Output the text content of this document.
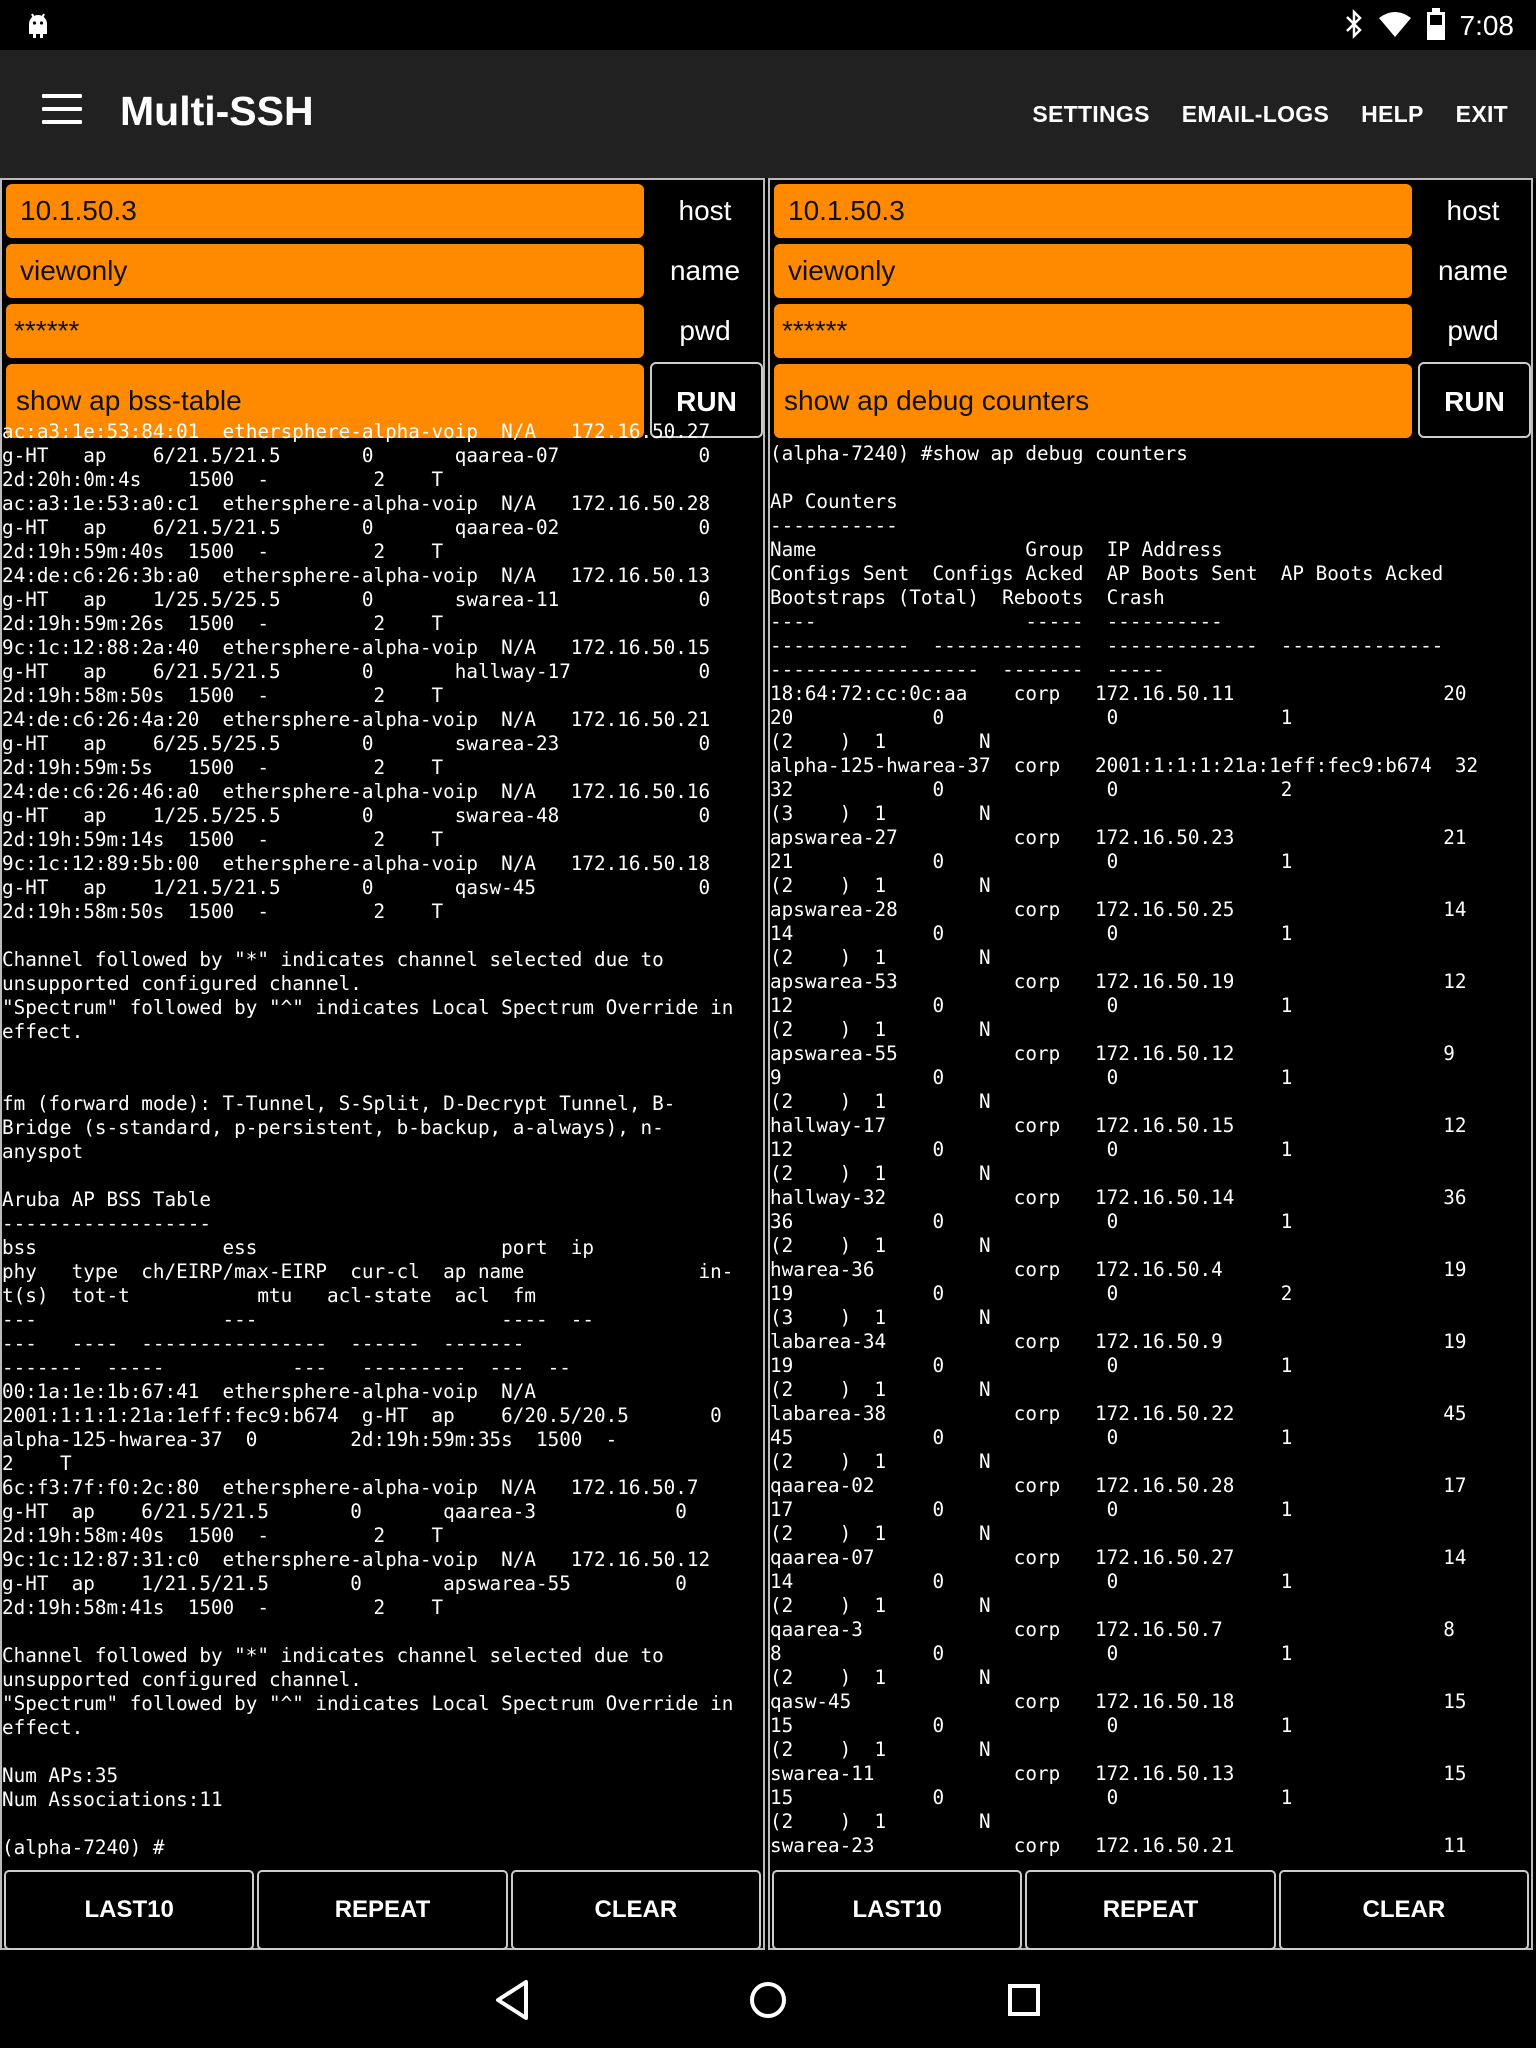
7:08
Multi-SSH	SETTINGS EMAIL-LOGS HELP EXIT
10.1.50.3	host
viewonly	name
******	pwd
show ap bss-table	RUN
ac:a3:1e:53:84:01  ethersphere-alpha-voip  N/A   172.16.50.27
g-HT   ap    6/21.5/21.5       0       qaarea-07            0
2d:20h:0m:4s    1500  -         2    T
ac:a3:1e:53:a0:c1  ethersphere-alpha-voip  N/A   172.16.50.28
g-HT   ap    6/21.5/21.5       0       qaarea-02            0
2d:19h:59m:40s  1500  -         2    T
24:de:c6:26:3b:a0  ethersphere-alpha-voip  N/A   172.16.50.13
g-HT   ap    1/25.5/25.5       0       swarea-11            0
2d:19h:59m:26s  1500  -         2    T
9c:1c:12:88:2a:40  ethersphere-alpha-voip  N/A   172.16.50.15
g-HT   ap    6/21.5/21.5       0       hallway-17           0
2d:19h:58m:50s  1500  -         2    T
24:de:c6:26:4a:20  ethersphere-alpha-voip  N/A   172.16.50.21
g-HT   ap    6/25.5/25.5       0       swarea-23            0
2d:19h:59m:5s   1500  -         2    T
24:de:c6:26:46:a0  ethersphere-alpha-voip  N/A   172.16.50.16
g-HT   ap    1/25.5/25.5       0       swarea-48            0
2d:19h:59m:14s  1500  -         2    T
9c:1c:12:89:5b:00  ethersphere-alpha-voip  N/A   172.16.50.18
g-HT   ap    1/21.5/21.5       0       qasw-45              0
2d:19h:58m:50s  1500  -         2    T

Channel followed by "*" indicates channel selected due to
unsupported configured channel.
"Spectrum" followed by "^" indicates Local Spectrum Override in
effect.

fm (forward mode): T-Tunnel, S-Split, D-Decrypt Tunnel, B-
Bridge (s-standard, p-persistent, b-backup, a-always), n-
anyspot

Aruba AP BSS Table
------------------
bss                ess                     port  ip
phy   type  ch/EIRP/max-EIRP  cur-cl  ap name               in-
t(s)  tot-t           mtu   acl-state  acl  fm
---                ---                     ----  --
---   ----  ----------------  ------  -------
-------  -----           ---   ---------  ---  --
00:1a:1e:1b:67:41  ethersphere-alpha-voip  N/A
2001:1:1:1:21a:1eff:fec9:b674  g-HT  ap    6/20.5/20.5       0
alpha-125-hwarea-37  0        2d:19h:59m:35s  1500  -
2    T
6c:f3:7f:f0:2c:80  ethersphere-alpha-voip  N/A   172.16.50.7
g-HT  ap    6/21.5/21.5       0       qaarea-3            0
2d:19h:58m:40s  1500  -         2    T
9c:1c:12:87:31:c0  ethersphere-alpha-voip  N/A   172.16.50.12
g-HT  ap    1/21.5/21.5       0       apswarea-55         0
2d:19h:58m:41s  1500  -         2    T

Channel followed by "*" indicates channel selected due to
unsupported configured channel.
"Spectrum" followed by "^" indicates Local Spectrum Override in
effect.

Num APs:35
Num Associations:11

(alpha-7240) #
LAST10	REPEAT	CLEAR
10.1.50.3	host
viewonly	name
******	pwd
show ap debug counters	RUN
(alpha-7240) #show ap debug counters

AP Counters
-----------
Name                  Group  IP Address
Configs Sent  Configs Acked  AP Boots Sent  AP Boots Acked
Bootstraps (Total)  Reboots  Crash
----                  -----  ----------
------------  -------------  -------------  --------------
------------------  -------  -----
18:64:72:cc:0c:aa    corp   172.16.50.11                  20
20            0              0              1
(2    )  1        N
alpha-125-hwarea-37  corp   2001:1:1:1:21a:1eff:fec9:b674  32
32            0              0              2
(3    )  1        N
apswarea-27          corp   172.16.50.23                  21
21            0              0              1
(2    )  1        N
apswarea-28          corp   172.16.50.25                  14
14            0              0              1
(2    )  1        N
apswarea-53          corp   172.16.50.19                  12
12            0              0              1
(2    )  1        N
apswarea-55          corp   172.16.50.12                  9
9             0              0              1
(2    )  1        N
hallway-17           corp   172.16.50.15                  12
12            0              0              1
(2    )  1        N
hallway-32           corp   172.16.50.14                  36
36            0              0              1
(2    )  1        N
hwarea-36            corp   172.16.50.4                   19
19            0              0              2
(3    )  1        N
labarea-34           corp   172.16.50.9                   19
19            0              0              1
(2    )  1        N
labarea-38           corp   172.16.50.22                  45
45            0              0              1
(2    )  1        N
qaarea-02            corp   172.16.50.28                  17
17            0              0              1
(2    )  1        N
qaarea-07            corp   172.16.50.27                  14
14            0              0              1
(2    )  1        N
qaarea-3             corp   172.16.50.7                   8
8             0              0              1
(2    )  1        N
qasw-45              corp   172.16.50.18                  15
15            0              0              1
(2    )  1        N
swarea-11            corp   172.16.50.13                  15
15            0              0              1
(2    )  1        N
swarea-23            corp   172.16.50.21                  11
LAST10	REPEAT	CLEAR
